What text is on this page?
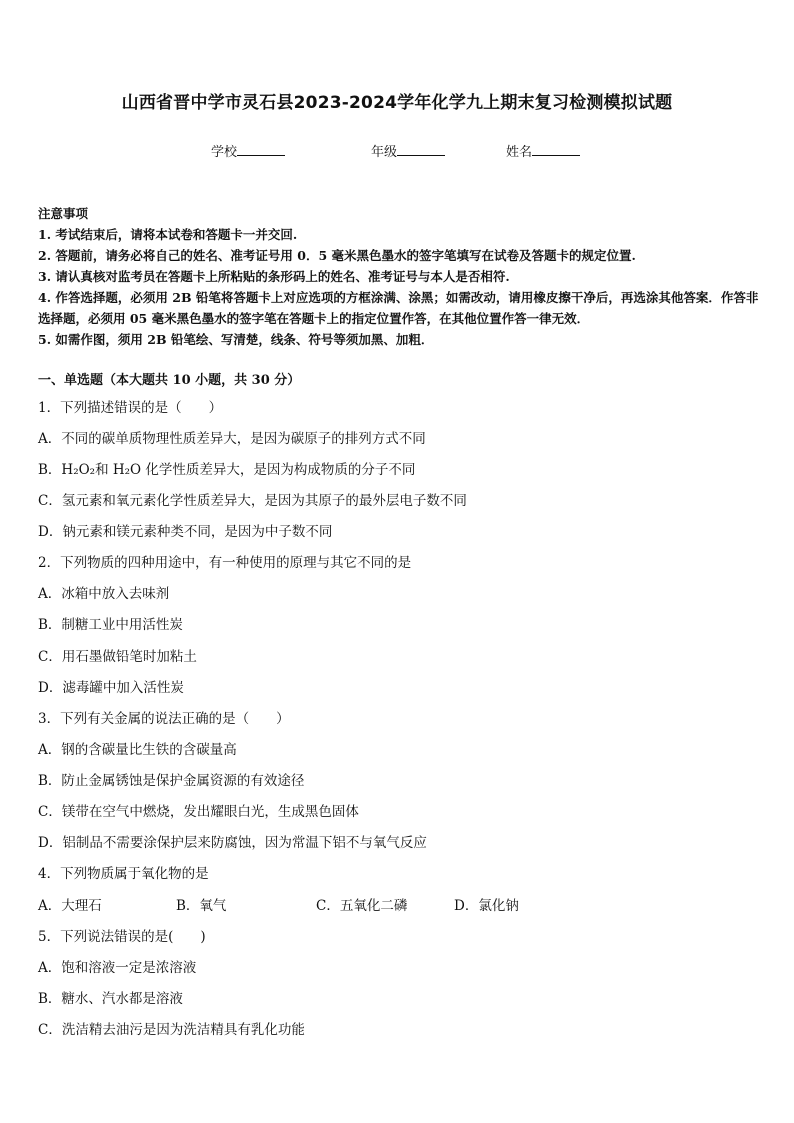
山西省晋中学市灵石县2023-2024学年化学九上期末复习检测模拟试题
学校	年级	姓名
注意事项
1. 考试结束后，请将本试卷和答题卡一并交回.
2. 答题前，请务必将自己的姓名、准考证号用 0．5 毫米黑色墨水的签字笔填写在试卷及答题卡的规定位置.
3. 请认真核对监考员在答题卡上所粘贴的条形码上的姓名、准考证号与本人是否相符.
4. 作答选择题，必须用 2B 铅笔将答题卡上对应选项的方框涂满、涂黑；如需改动，请用橡皮擦干净后，再选涂其他答案．作答非选择题，必须用 05 毫米黑色墨水的签字笔在答题卡上的指定位置作答，在其他位置作答一律无效．
5. 如需作图，须用 2B 铅笔绘、写清楚，线条、符号等须加黑、加粗．
一、单选题（本大题共 10 小题，共 30 分）
1．下列描述错误的是（　　）
A．不同的碳单质物理性质差异大，是因为碳原子的排列方式不同
B．H₂O₂和 H₂O 化学性质差异大，是因为构成物质的分子不同
C．氢元素和氧元素化学性质差异大，是因为其原子的最外层电子数不同
D．钠元素和镁元素种类不同，是因为中子数不同
2．下列物质的四种用途中，有一种使用的原理与其它不同的是
A．冰箱中放入去味剂
B．制糖工业中用活性炭
C．用石墨做铅笔时加粘土
D．滤毒罐中加入活性炭
3．下列有关金属的说法正确的是（　　）
A．钢的含碳量比生铁的含碳量高
B．防止金属锈蚀是保护金属资源的有效途径
C．镁带在空气中燃烧，发出耀眼白光，生成黑色固体
D．铝制品不需要涂保护层来防腐蚀，因为常温下铝不与氧气反应
4．下列物质属于氧化物的是
A．大理石	B．氧气	C．五氧化二磷	D．氯化钠
5．下列说法错误的是(　　)
A．饱和溶液一定是浓溶液
B．糖水、汽水都是溶液
C．洗洁精去油污是因为洗洁精具有乳化功能
